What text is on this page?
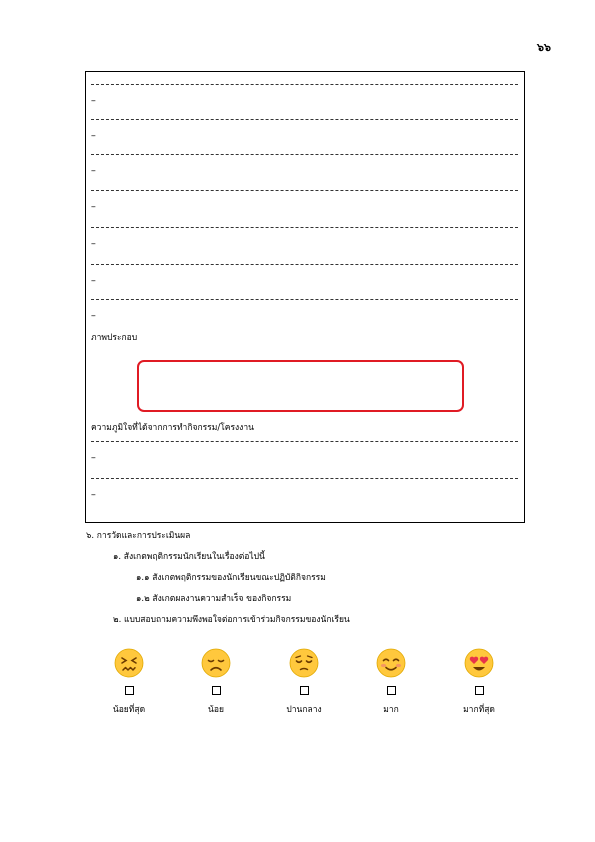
๖๖
--
--
--
--
--
--
--
ภาพประกอบ
ความภูมิใจที่ได้จากการทำกิจกรรม/โครงงาน
--
--
๖. การวัดและการประเมินผล
๑. สังเกตพฤติกรรมนักเรียนในเรื่องต่อไปนี้
๑.๑ สังเกตพฤติกรรมของนักเรียนขณะปฏิบัติกิจกรรม
๑.๒ สังเกตผลงานความสำเร็จ ของกิจกรรม
๒. แบบสอบถามความพึงพอใจต่อการเข้าร่วมกิจกรรมของนักเรียน
น้อยที่สุด	น้อย	ปานกลาง	มาก	มากที่สุด
